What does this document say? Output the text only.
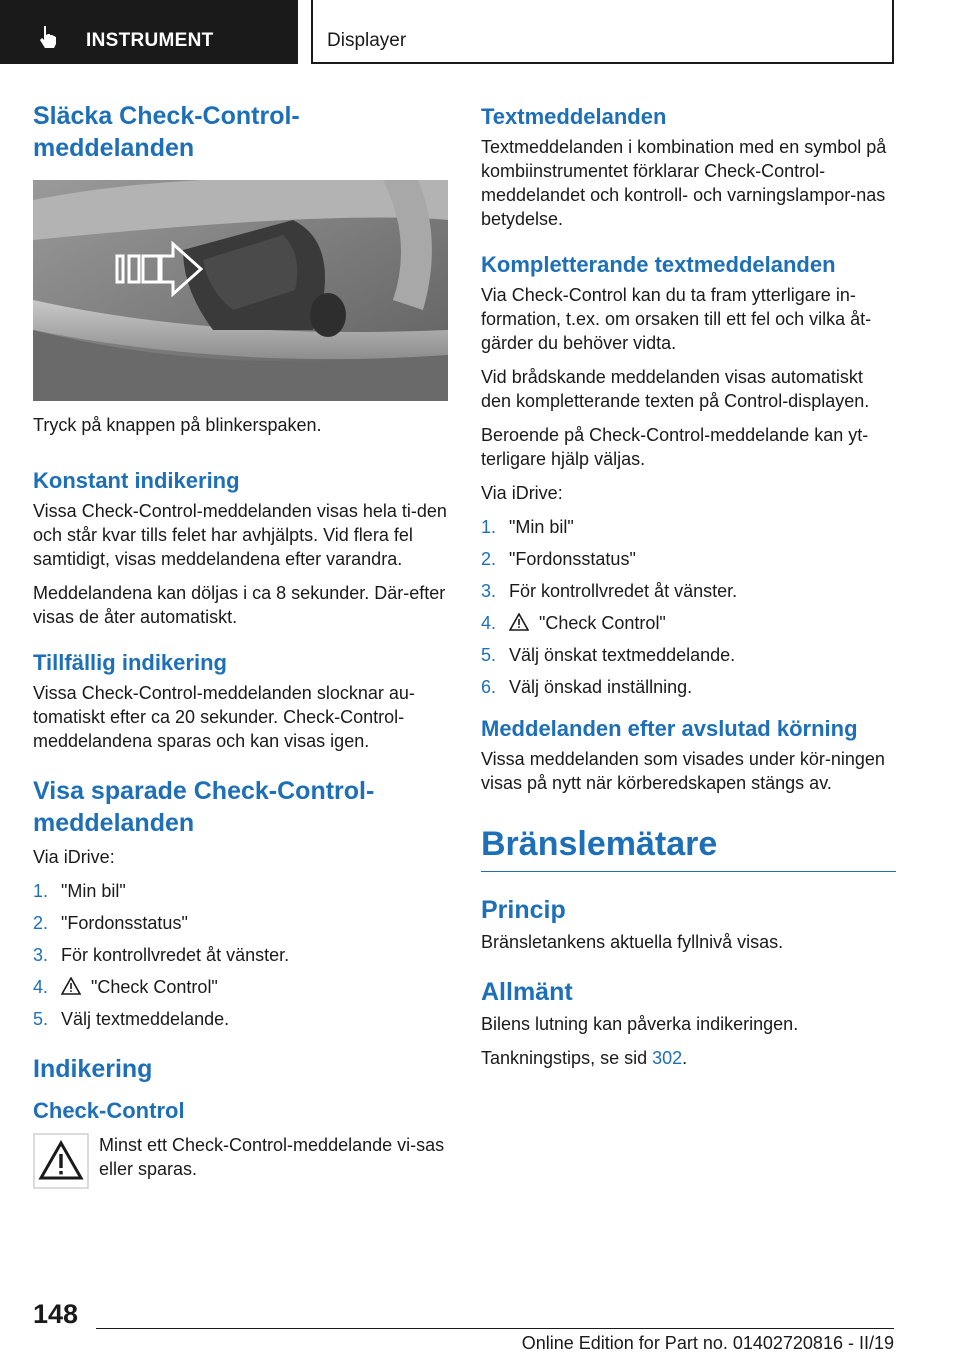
INSTRUMENT	Displayer
Släcka Check-Control-meddelanden

Tryck på knappen på blinkerspaken.

Konstant indikering

Vissa Check-Control-meddelanden visas hela ti-den och står kvar tills felet har avhjälpts. Vid flera fel samtidigt, visas meddelandena efter varandra.

Meddelandena kan döljas i ca 8 sekunder. Där-efter visas de åter automatiskt.

Tillfällig indikering

Vissa Check-Control-meddelanden slocknar au-tomatiskt efter ca 20 sekunder. Check-Control-meddelandena sparas och kan visas igen.

Visa sparade Check-Control-meddelanden

Via iDrive:

1. "Min bil"
2. "Fordonsstatus"
3. För kontrollvredet åt vänster.
4.	"Check Control"
5. Välj textmeddelande.
Indikering
Check-Control

Minst ett Check-Control-meddelande vi-sas eller sparas.

Textmeddelanden

Textmeddelanden i kombination med en symbol på kombiinstrumentet förklarar Check-Control-meddelandet och kontroll- och varningslampor-nas betydelse.

Kompletterande textmeddelanden

Via Check-Control kan du ta fram ytterligare in-formation, t.ex. om orsaken till ett fel och vilka åt-gärder du behöver vidta.

Vid brådskande meddelanden visas automatiskt den kompletterande texten på Control-displayen.

Beroende på Check-Control-meddelande kan yt-terligare hjälp väljas.

Via iDrive:

1. "Min bil"
2. "Fordonsstatus"
3. För kontrollvredet åt vänster.
4.	"Check Control"
5. Välj önskat textmeddelande.
6. Välj önskad inställning.
Meddelanden efter avslutad körning

Vissa meddelanden som visades under kör-ningen visas på nytt när körberedskapen stängs av.

Bränslemätare
Princip

Bränsletankens aktuella fyllnivå visas.

Allmänt

Bilens lutning kan påverka indikeringen.

Tankningstips, se sid 302.

148
Online Edition for Part no. 01402720816 - II/19
